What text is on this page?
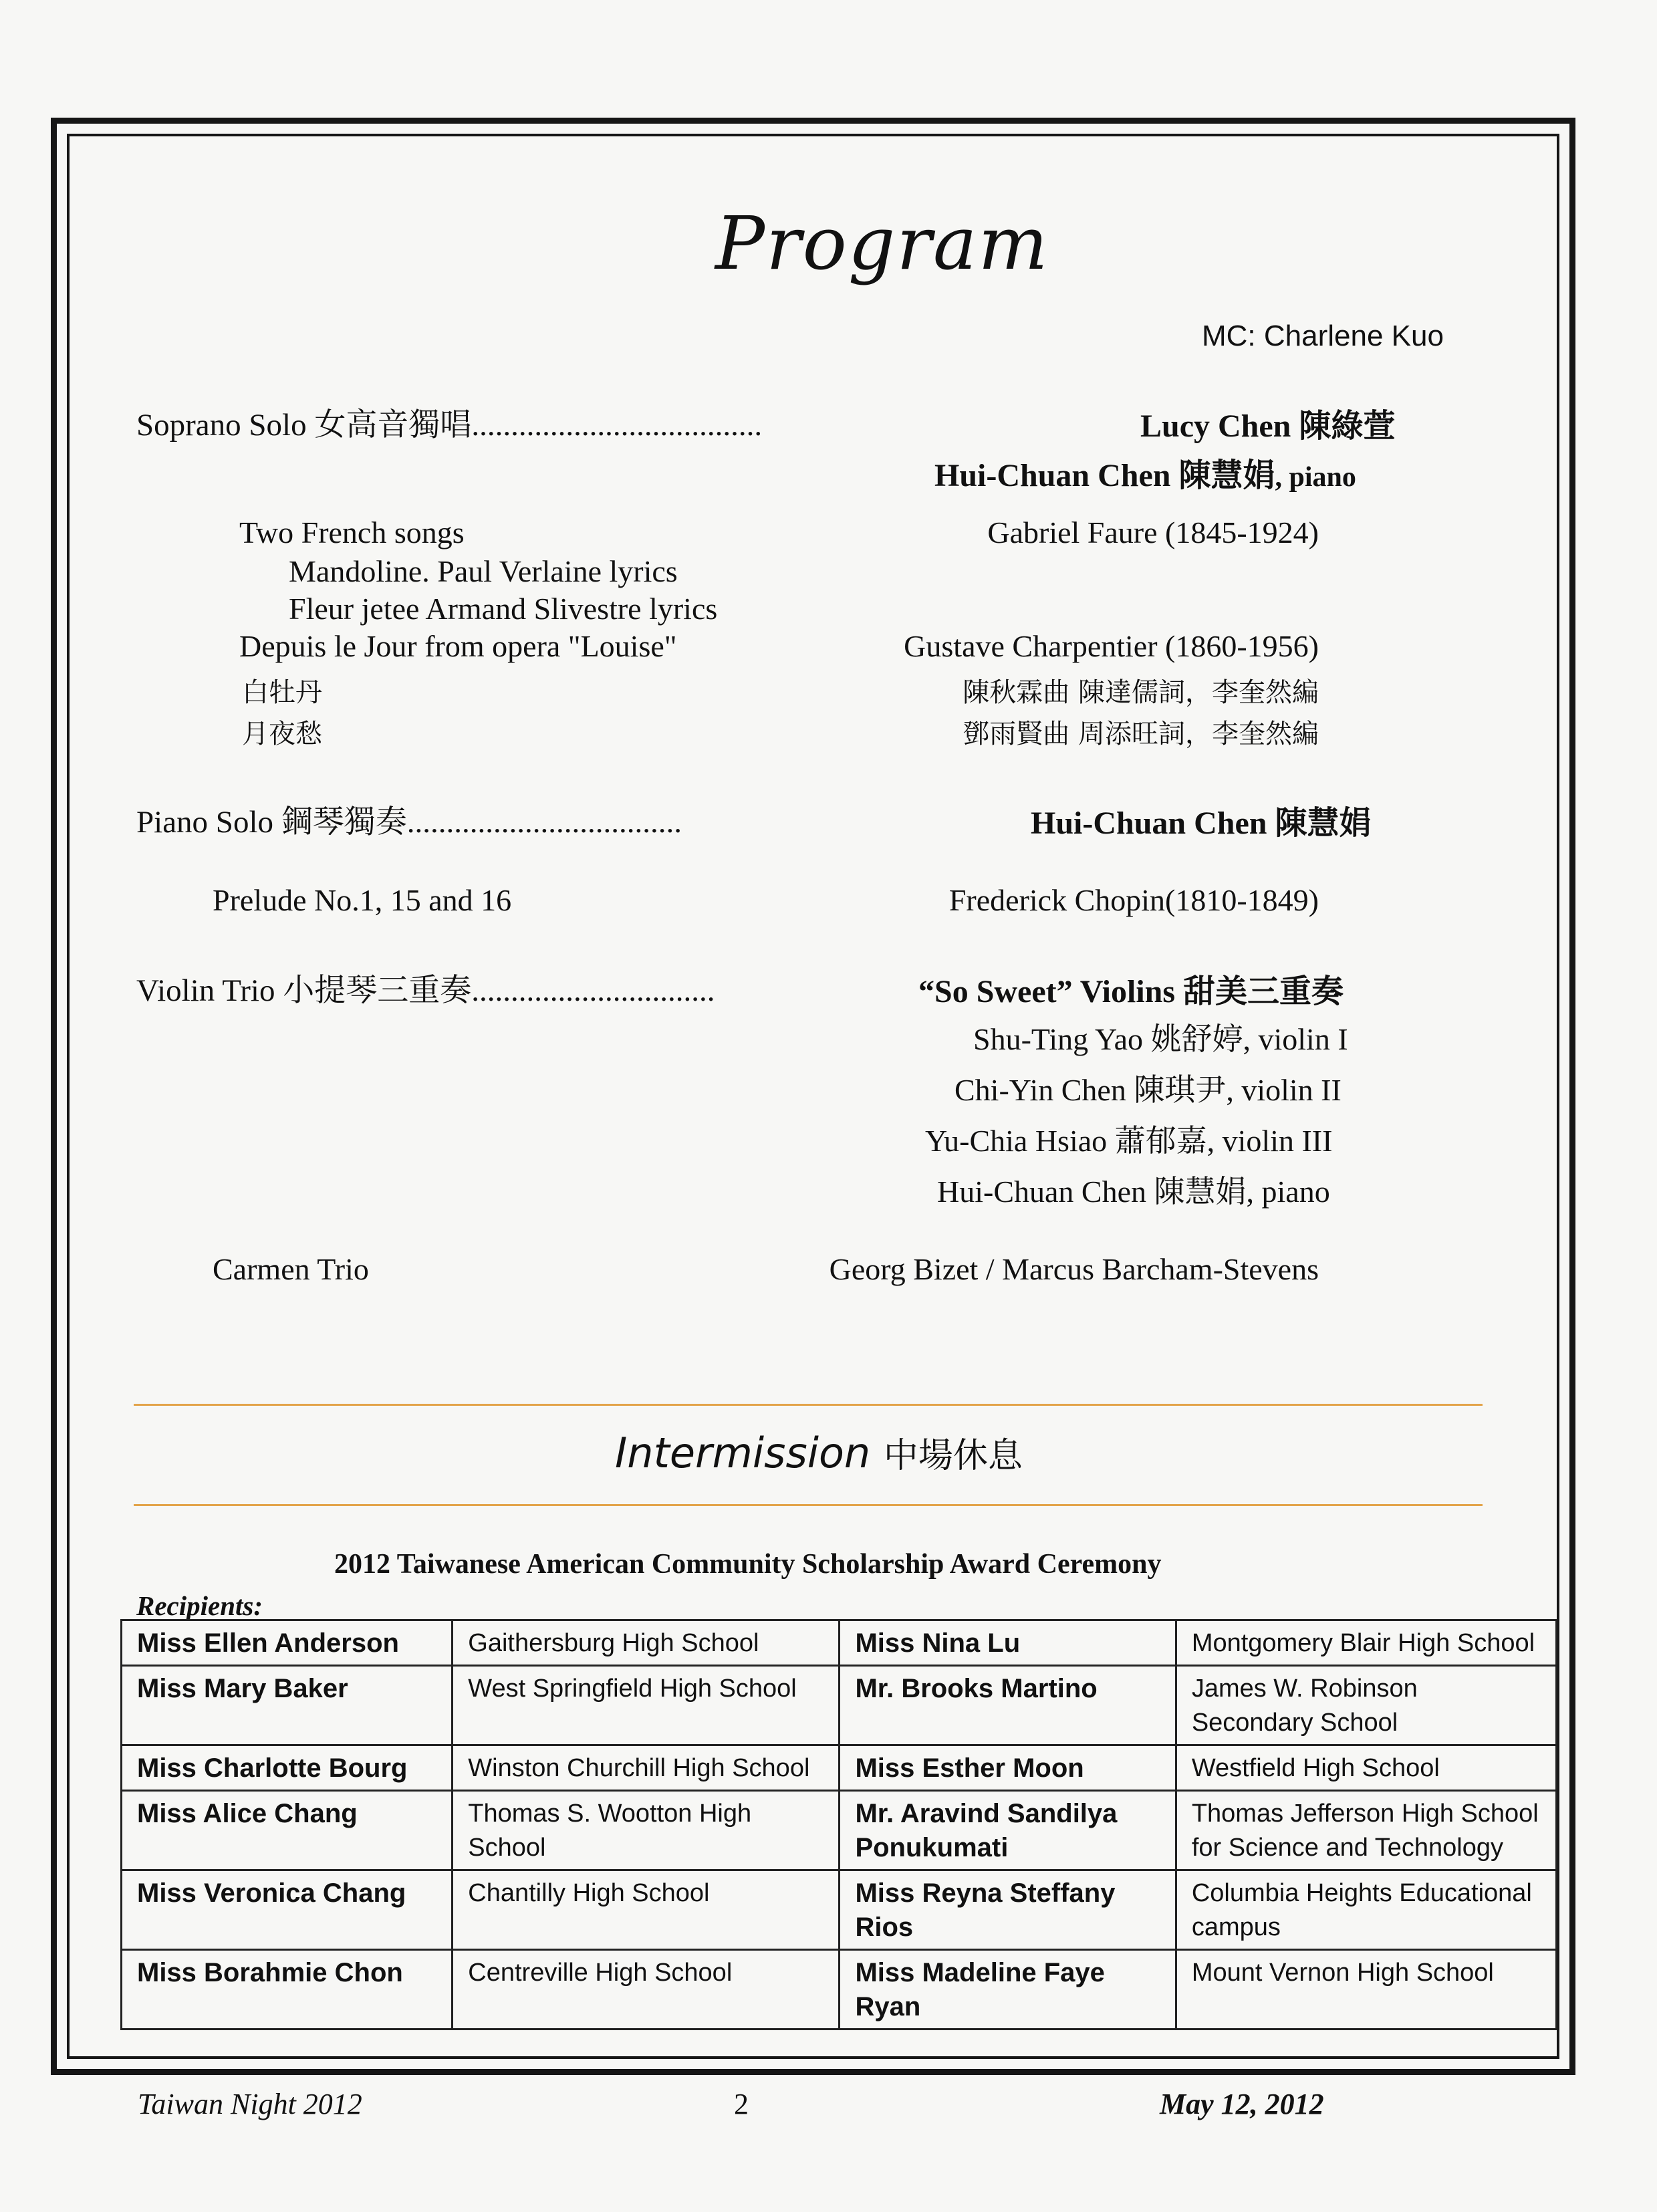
Program
MC: Charlene Kuo
Soprano Solo 女高音獨唱.....................................	Lucy Chen 陳綠萱
Hui-Chuan Chen 陳慧娟, piano
Two French songs	Gabriel Faure (1845-1924)
Mandoline. Paul Verlaine lyrics
Fleur jetee Armand Slivestre lyrics
Depuis le Jour from opera "Louise"	Gustave Charpentier (1860-1956)
白牡丹	陳秋霖曲 陳達儒詞，李奎然編
月夜愁	鄧雨賢曲 周添旺詞，李奎然編
Piano Solo 鋼琴獨奏...................................	Hui-Chuan Chen 陳慧娟
Prelude No.1, 15 and 16	Frederick Chopin(1810-1849)
Violin Trio 小提琴三重奏...............................	“So Sweet” Violins 甜美三重奏
Shu-Ting Yao 姚舒婷, violin I
Chi-Yin Chen 陳琪尹, violin II
Yu-Chia Hsiao 蕭郁嘉, violin III
Hui-Chuan Chen 陳慧娟, piano
Carmen Trio	Georg Bizet / Marcus Barcham-Stevens
Intermission 中場休息
2012 Taiwanese American Community Scholarship Award Ceremony
Recipients:
Miss Ellen Anderson	Gaithersburg High School	Miss Nina Lu	Montgomery Blair High School
Miss Mary Baker	West Springfield High School	Mr. Brooks Martino	James W. Robinson Secondary School
Miss Charlotte Bourg	Winston Churchill High School	Miss Esther Moon	Westfield High School
Miss Alice Chang	Thomas S. Wootton High School	Mr. Aravind Sandilya Ponukumati	Thomas Jefferson High School for Science and Technology
Miss Veronica Chang	Chantilly High School	Miss Reyna Steffany Rios	Columbia Heights Educational campus
Miss Borahmie Chon	Centreville High School	Miss Madeline Faye Ryan	Mount Vernon High School
Taiwan Night 2012	2	May 12, 2012
